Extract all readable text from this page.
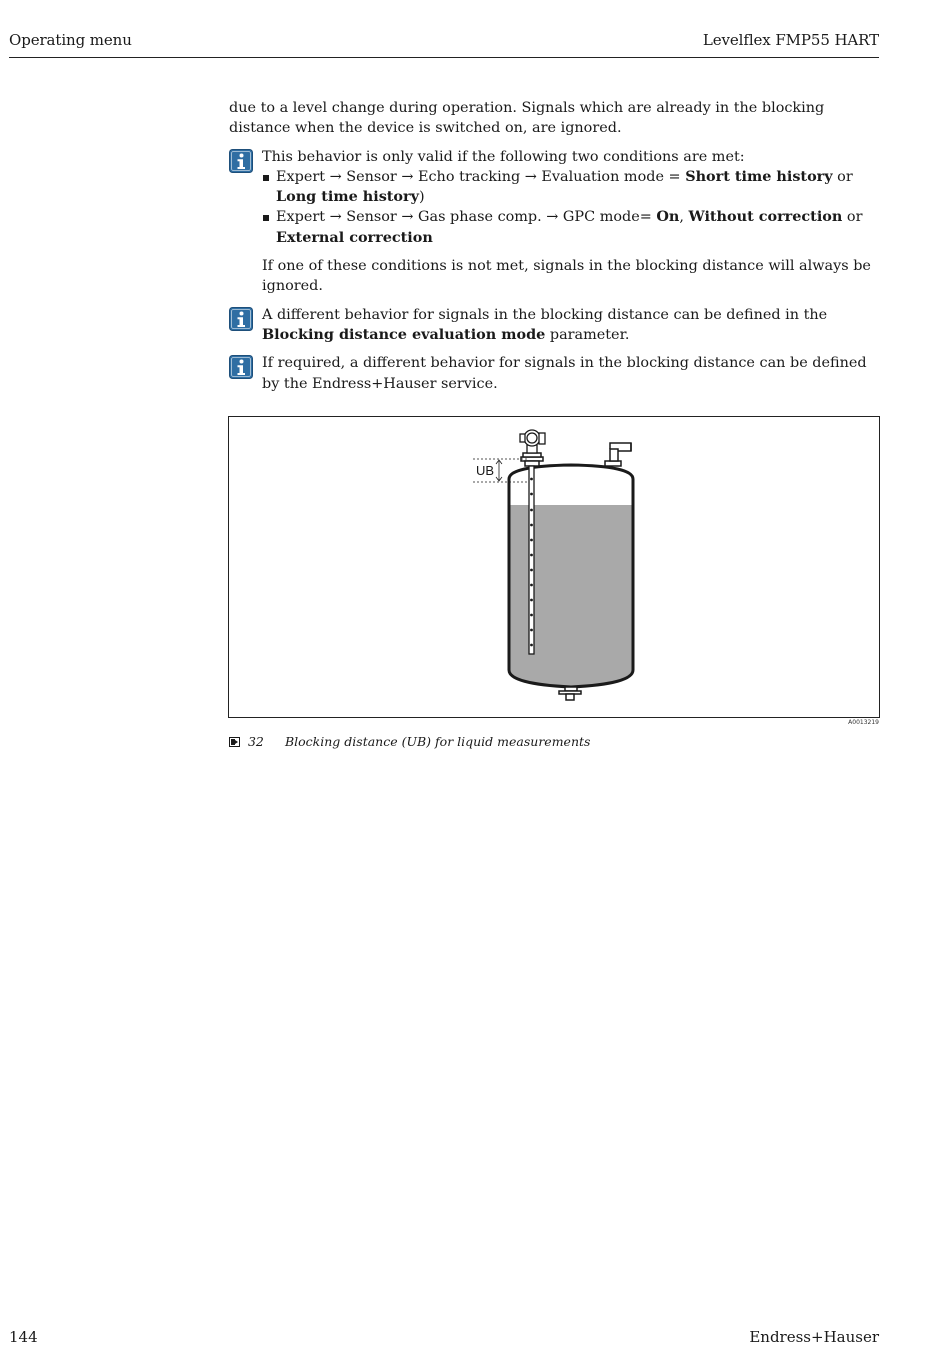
Operating menu	Levelflex FMP55 HART

due to a level change during operation. Signals which are already in the blocking distance when the device is switched on, are ignored.

This behavior is only valid if the following two conditions are met:

Expert → Sensor → Echo tracking → Evaluation mode = Short time history or Long time history)
Expert → Sensor → Gas phase comp. → GPC mode= On, Without correction or External correction

If one of these conditions is not met, signals in the blocking distance will always be ignored.

A different behavior for signals in the blocking distance can be defined in the Blocking distance evaluation mode parameter.

If required, a different behavior for signals in the blocking distance can be defined by the Endress+Hauser service.

UB
A0013219
32 Blocking distance (UB) for liquid measurements
144	Endress+Hauser
